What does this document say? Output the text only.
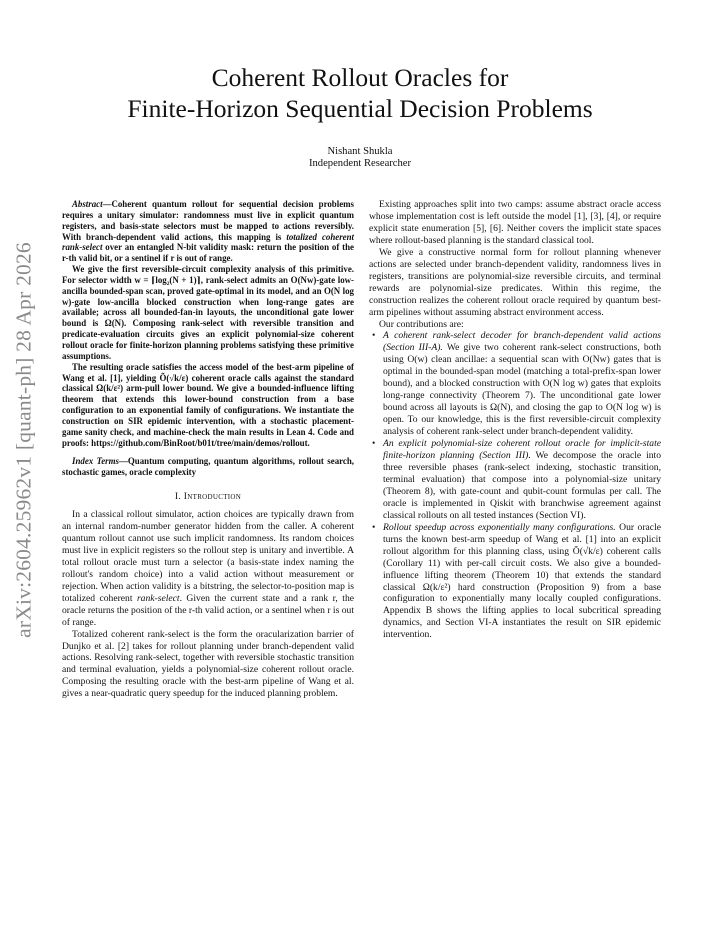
arXiv:2604.25962v1 [quant-ph] 28 Apr 2026
Coherent Rollout Oracles for
Finite-Horizon Sequential Decision Problems
Nishant Shukla
Independent Researcher

Abstract—Coherent quantum rollout for sequential decision problems requires a unitary simulator: randomness must live in explicit quantum registers, and basis-state selectors must be mapped to actions reversibly. With branch-dependent valid actions, this mapping is totalized coherent rank-select over an entangled N-bit validity mask: return the position of the r-th valid bit, or a sentinel if r is out of range.

We give the first reversible-circuit complexity analysis of this primitive. For selector width w = ⌈log₂(N + 1)⌉, rank-select admits an O(Nw)-gate low-ancilla bounded-span scan, proved gate-optimal in its model, and an O(N log w)-gate low-ancilla blocked construction when long-range gates are available; across all bounded-fan-in layouts, the unconditional gate lower bound is Ω(N). Composing rank-select with reversible transition and predicate-evaluation circuits gives an explicit polynomial-size coherent rollout oracle for finite-horizon planning problems satisfying these primitive assumptions.

The resulting oracle satisfies the access model of the best-arm pipeline of Wang et al. [1], yielding Õ(√k/ε) coherent oracle calls against the standard classical Ω(k/ε²) arm-pull lower bound. We give a bounded-influence lifting theorem that extends this lower-bound construction from a base configuration to an exponential family of configurations. We instantiate the construction on SIR epidemic intervention, with a stochastic placement-game sanity check, and machine-check the main results in Lean 4. Code and proofs: https://github.com/BinRoot/b01t/tree/main/demos/rollout.

Index Terms—Quantum computing, quantum algorithms, rollout search, stochastic games, oracle complexity

I. Introduction

In a classical rollout simulator, action choices are typically drawn from an internal random-number generator hidden from the caller. A coherent quantum rollout cannot use such implicit randomness. Its random choices must live in explicit registers so the rollout step is unitary and invertible. A total rollout oracle must turn a selector (a basis-state index naming the rollout's random choice) into a valid action without measurement or rejection. When action validity is a bitstring, the selector-to-position map is totalized coherent rank-select. Given the current state and a rank r, the oracle returns the position of the r-th valid action, or a sentinel when r is out of range.

Totalized coherent rank-select is the form the oracularization barrier of Dunjko et al. [2] takes for rollout planning under branch-dependent valid actions. Resolving rank-select, together with reversible stochastic transition and terminal evaluation, yields a polynomial-size coherent rollout oracle. Composing the resulting oracle with the best-arm pipeline of Wang et al. gives a near-quadratic query speedup for the induced planning problem.

Existing approaches split into two camps: assume abstract oracle access whose implementation cost is left outside the model [1], [3], [4], or require explicit state enumeration [5], [6]. Neither covers the implicit state spaces where rollout-based planning is the standard classical tool.

We give a constructive normal form for rollout planning whenever actions are selected under branch-dependent validity, randomness lives in registers, transitions are polynomial-size reversible circuits, and terminal rewards are polynomial-size predicates. Within this regime, the construction realizes the coherent rollout oracle required by quantum best-arm pipelines without assuming abstract environment access.

Our contributions are:

• A coherent rank-select decoder for branch-dependent valid actions (Section III-A). We give two coherent rank-select constructions, both using O(w) clean ancillae: a sequential scan with O(Nw) gates that is optimal in the bounded-span model (matching a total-prefix-span lower bound), and a blocked construction with O(N log w) gates that exploits long-range connectivity (Theorem 7). The unconditional gate lower bound across all layouts is Ω(N), and closing the gap to O(N log w) is open. To our knowledge, this is the first reversible-circuit complexity analysis of coherent rank-select under branch-dependent validity.

• An explicit polynomial-size coherent rollout oracle for implicit-state finite-horizon planning (Section III). We decompose the oracle into three reversible phases (rank-select indexing, stochastic transition, terminal evaluation) that compose into a polynomial-size unitary (Theorem 8), with gate-count and qubit-count formulas per call. The oracle is implemented in Qiskit with branchwise agreement against classical rollouts on all tested instances (Section VI).

• Rollout speedup across exponentially many configurations. Our oracle turns the known best-arm speedup of Wang et al. [1] into an explicit rollout algorithm for this planning class, using Õ(√k/ε) coherent calls (Corollary 11) with per-call circuit costs. We also give a bounded-influence lifting theorem (Theorem 10) that extends the standard classical Ω(k/ε²) hard construction (Proposition 9) from a base configuration to exponentially many locally coupled configurations. Appendix B shows the lifting applies to local subcritical spreading dynamics, and Section VI-A instantiates the result on SIR epidemic intervention.
